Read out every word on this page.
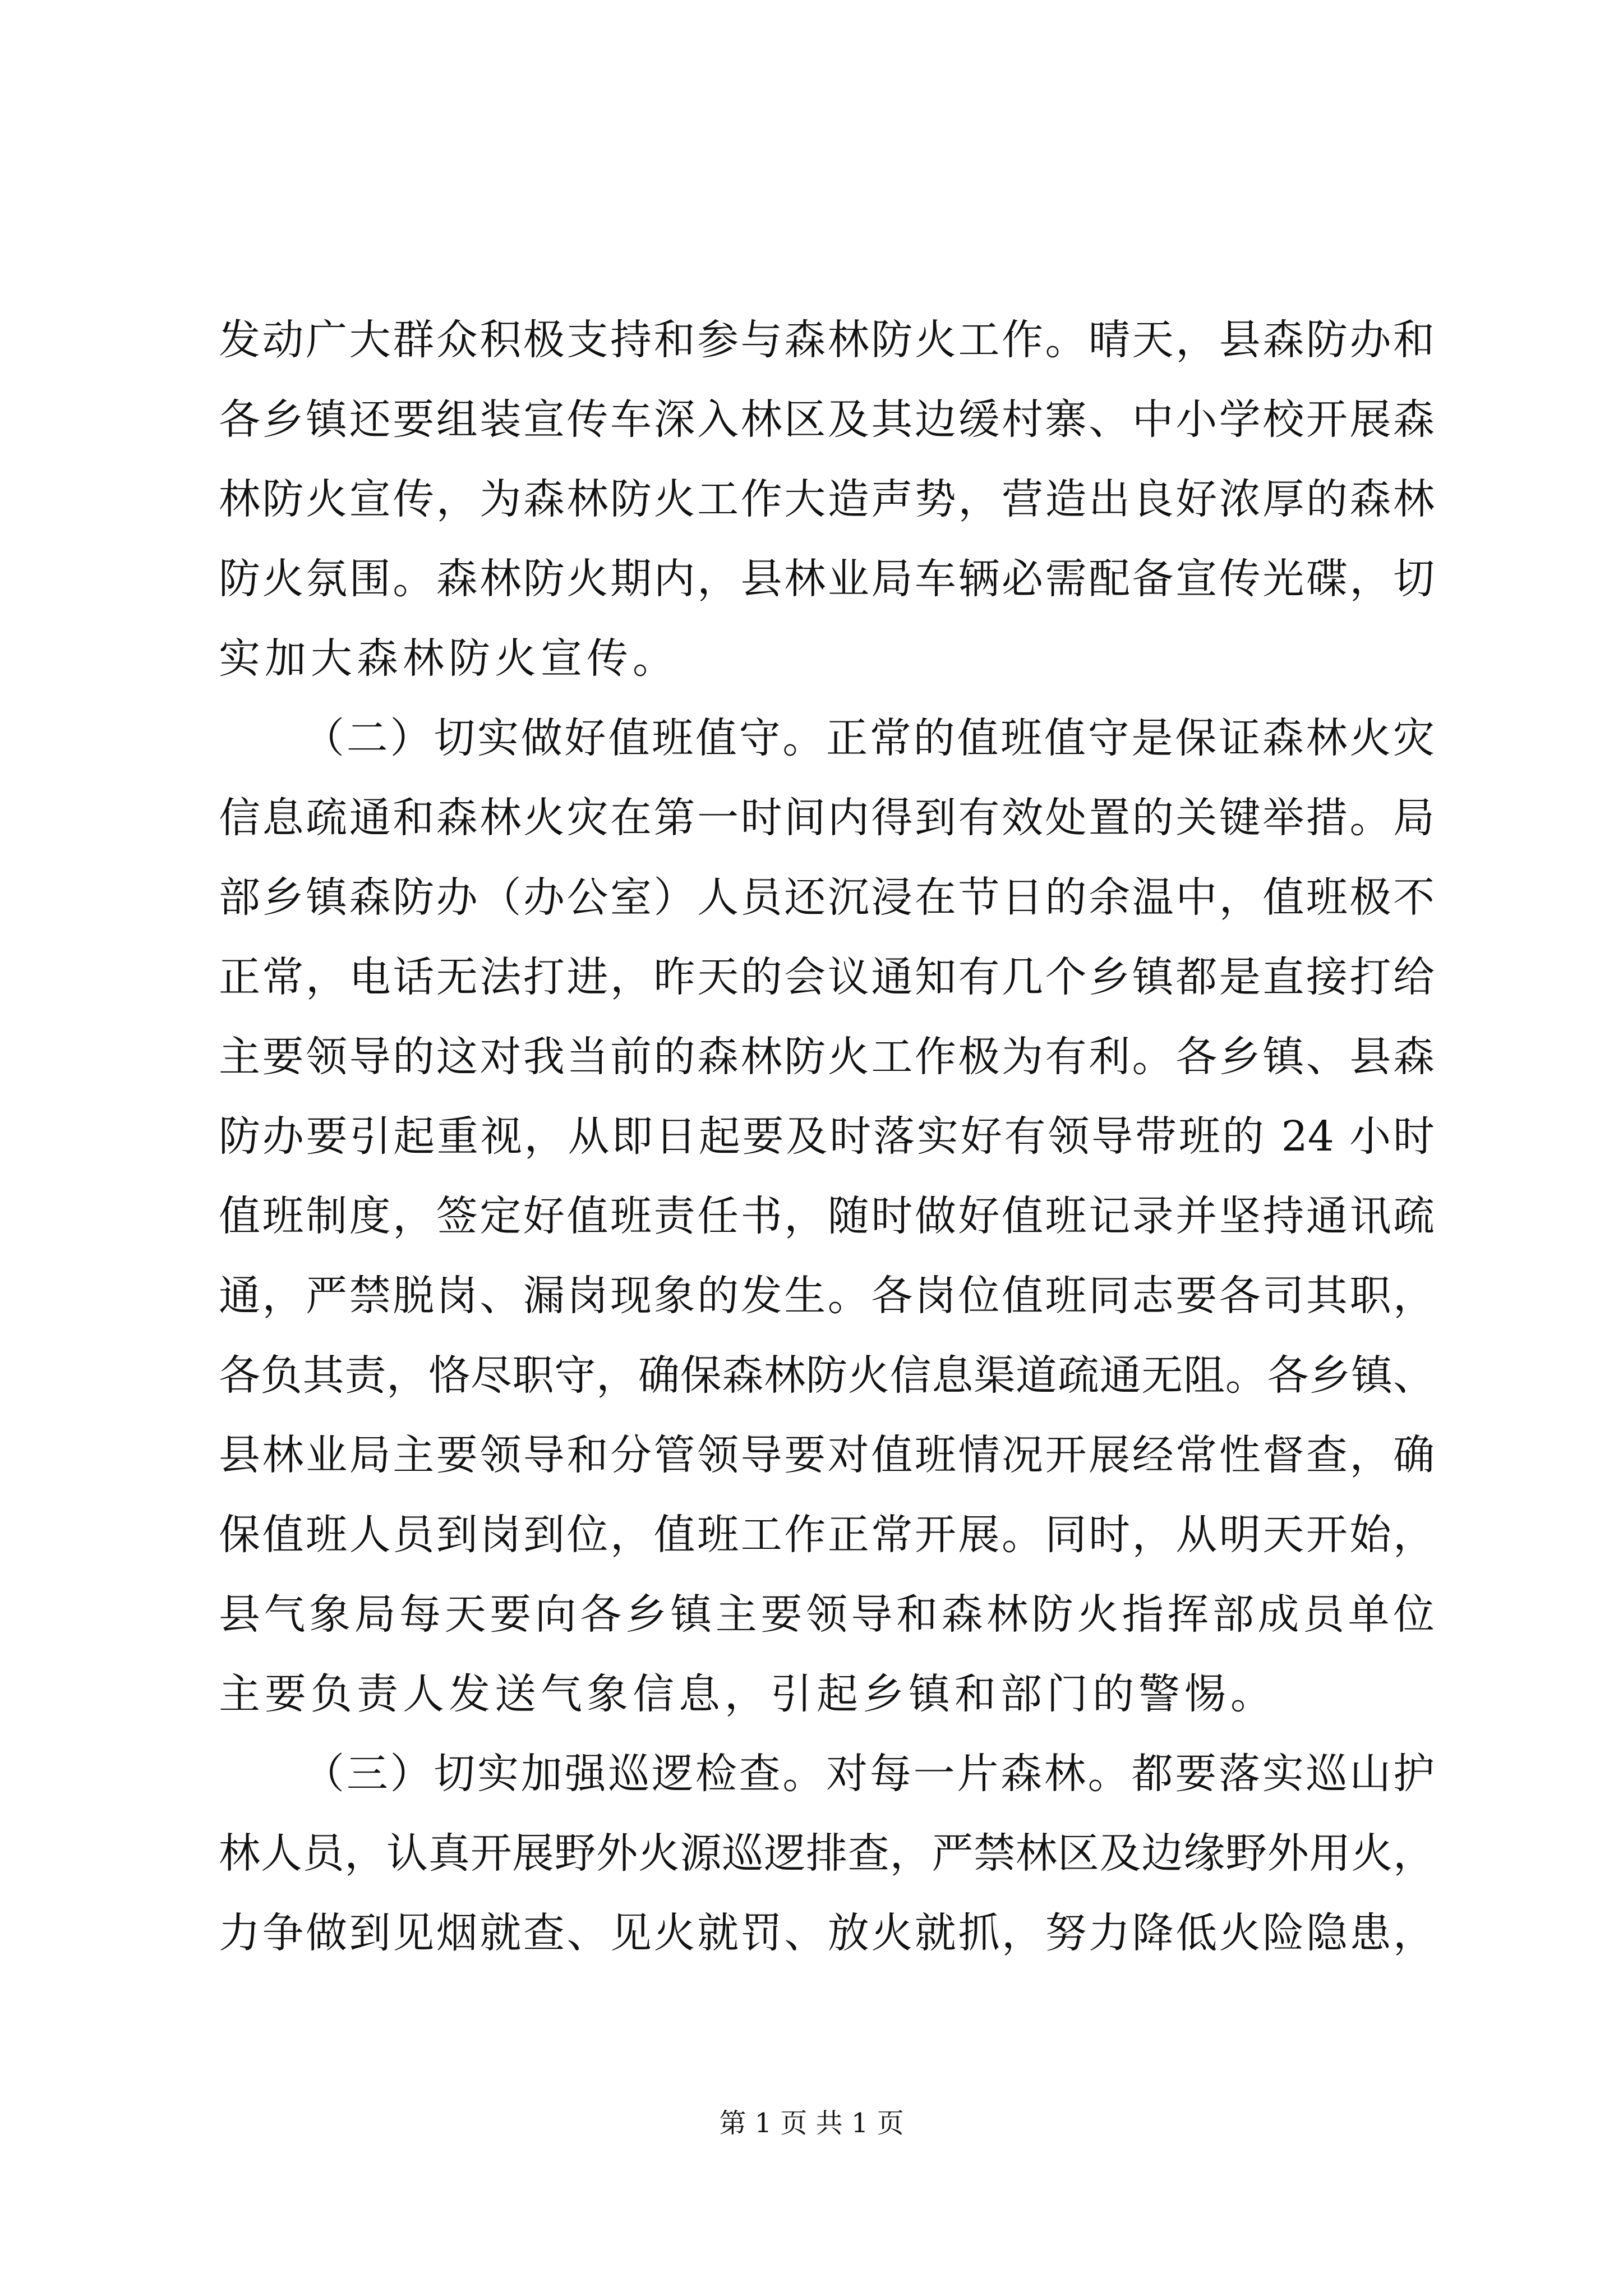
发动广大群众积极支持和参与森林防火工作。晴天，县森防办和
各乡镇还要组装宣传车深入林区及其边缓村寨、中小学校开展森
林防火宣传，为森林防火工作大造声势，营造出良好浓厚的森林
防火氛围。森林防火期内，县林业局车辆必需配备宣传光碟，切
实加大森林防火宣传。
（二）切实做好值班值守。正常的值班值守是保证森林火灾
信息疏通和森林火灾在第一时间内得到有效处置的关键举措。局
部乡镇森防办（办公室）人员还沉浸在节日的余温中，值班极不
正常，电话无法打进，昨天的会议通知有几个乡镇都是直接打给
主要领导的这对我当前的森林防火工作极为有利。各乡镇、县森
防办要引起重视，从即日起要及时落实好有领导带班的 24 小时
值班制度，签定好值班责任书，随时做好值班记录并坚持通讯疏
通，严禁脱岗、漏岗现象的发生。各岗位值班同志要各司其职，
各负其责，恪尽职守，确保森林防火信息渠道疏通无阻。各乡镇、
县林业局主要领导和分管领导要对值班情况开展经常性督查，确
保值班人员到岗到位，值班工作正常开展。同时，从明天开始，
县气象局每天要向各乡镇主要领导和森林防火指挥部成员单位
主要负责人发送气象信息，引起乡镇和部门的警惕。
（三）切实加强巡逻检查。对每一片森林。都要落实巡山护
林人员，认真开展野外火源巡逻排查，严禁林区及边缘野外用火，
力争做到见烟就查、见火就罚、放火就抓，努力降低火险隐患，
第 1 页 共 1 页
